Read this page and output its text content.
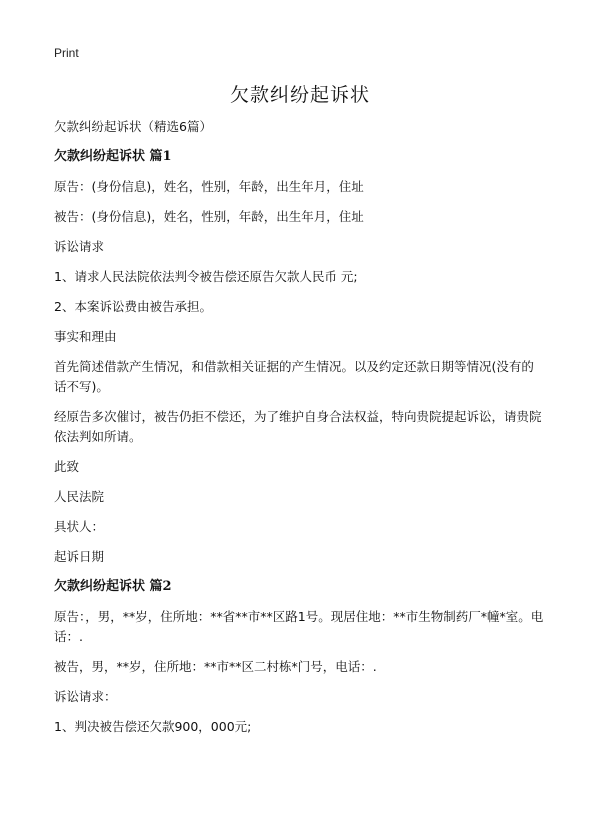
Print
欠款纠纷起诉状

欠款纠纷起诉状（精选6篇）

欠款纠纷起诉状 篇1

原告：(身份信息)，姓名，性别，年龄，出生年月，住址

被告：(身份信息)，姓名，性别，年龄，出生年月，住址

诉讼请求

1、请求人民法院依法判令被告偿还原告欠款人民币 元;

2、本案诉讼费由被告承担。

事实和理由

首先简述借款产生情况，和借款相关证据的产生情况。以及约定还款日期等情况(没有的话不写)。

经原告多次催讨，被告仍拒不偿还，为了维护自身合法权益，特向贵院提起诉讼，请贵院依法判如所请。

此致

人民法院

具状人：

起诉日期

欠款纠纷起诉状 篇2

原告：，男，**岁，住所地：**省**市**区路1号。现居住地：**市生物制药厂*幢*室。电话：.

被告，男，**岁，住所地：**市**区二村栋*门号，电话：.

诉讼请求：

1、判决被告偿还欠款900，000元;
